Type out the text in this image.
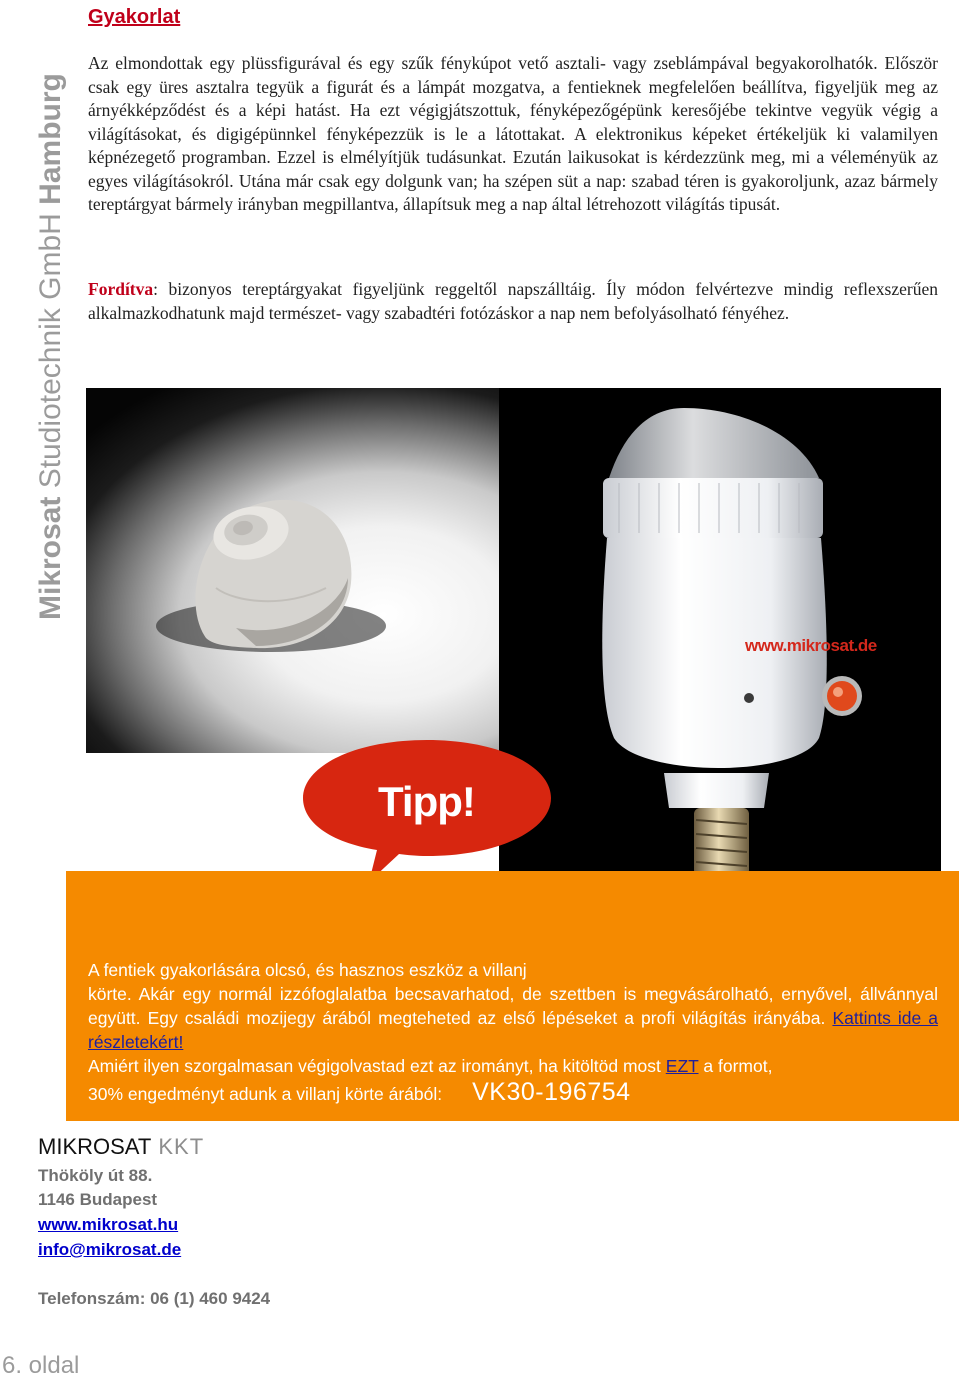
Mikrosat Studiotechnik GmbH Hamburg
Gyakorlat

Az elmondottak egy plüssfigurával és egy szűk fénykúpot vető asztali- vagy zseblámpával begyakorolhatók. Először csak egy üres asztalra tegyük a figurát és a lámpát mozgatva, a fentieknek megfelelően beállítva, figyeljük meg az árnyékképződést és a képi hatást. Ha ezt végigjátszottuk, fényképezőgépünk keresőjébe tekintve vegyük végig a világításokat, és digigépünnkel fényképezzük is le a látottakat. A elektronikus képeket értékeljük ki valamilyen képnézegető programban. Ezzel is elmélyítjük tudásunkat. Ezután laikusokat is kérdezzünk meg, mi a véleményük az egyes világításokról. Utána már csak egy dolgunk van; ha szépen süt a nap: szabad téren is gyakoroljunk, azaz bármely tereptárgyat bármely irányban megpillantva, állapítsuk meg a nap által létrehozott világítás tipusát.

Fordítva: bizonyos tereptárgyakat figyeljünk reggeltől napszálltáig. Íly módon felvértezve mindig reflexszerűen alkalmazkodhatunk majd természet- vagy szabadtéri fotózáskor a nap nem befolyásolható fényéhez.

www.mikrosat.de

Tipp!

A fentiek gyakorlására olcsó, és hasznos eszköz a villanj
körte. Akár egy normál izzófoglalatba becsavarhatod, de szettben is megvásárolható, ernyővel, állvánnyal együtt. Egy családi mozijegy árából megteheted az első lépéseket a profi világítás irányába. Kattints ide a részletekért!
Amiért ilyen szorgalmasan végigolvastad ezt az irományt, ha kitöltöd most EZT a formot,
30% engedményt adunk a villanj körte árából: VK30-196754
MIKROSAT KKT

Thököly út 88.

1146 Budapest

www.mikrosat.hu
info@mikrosat.de

Telefonszám: 06 (1) 460 9424

6. oldal
